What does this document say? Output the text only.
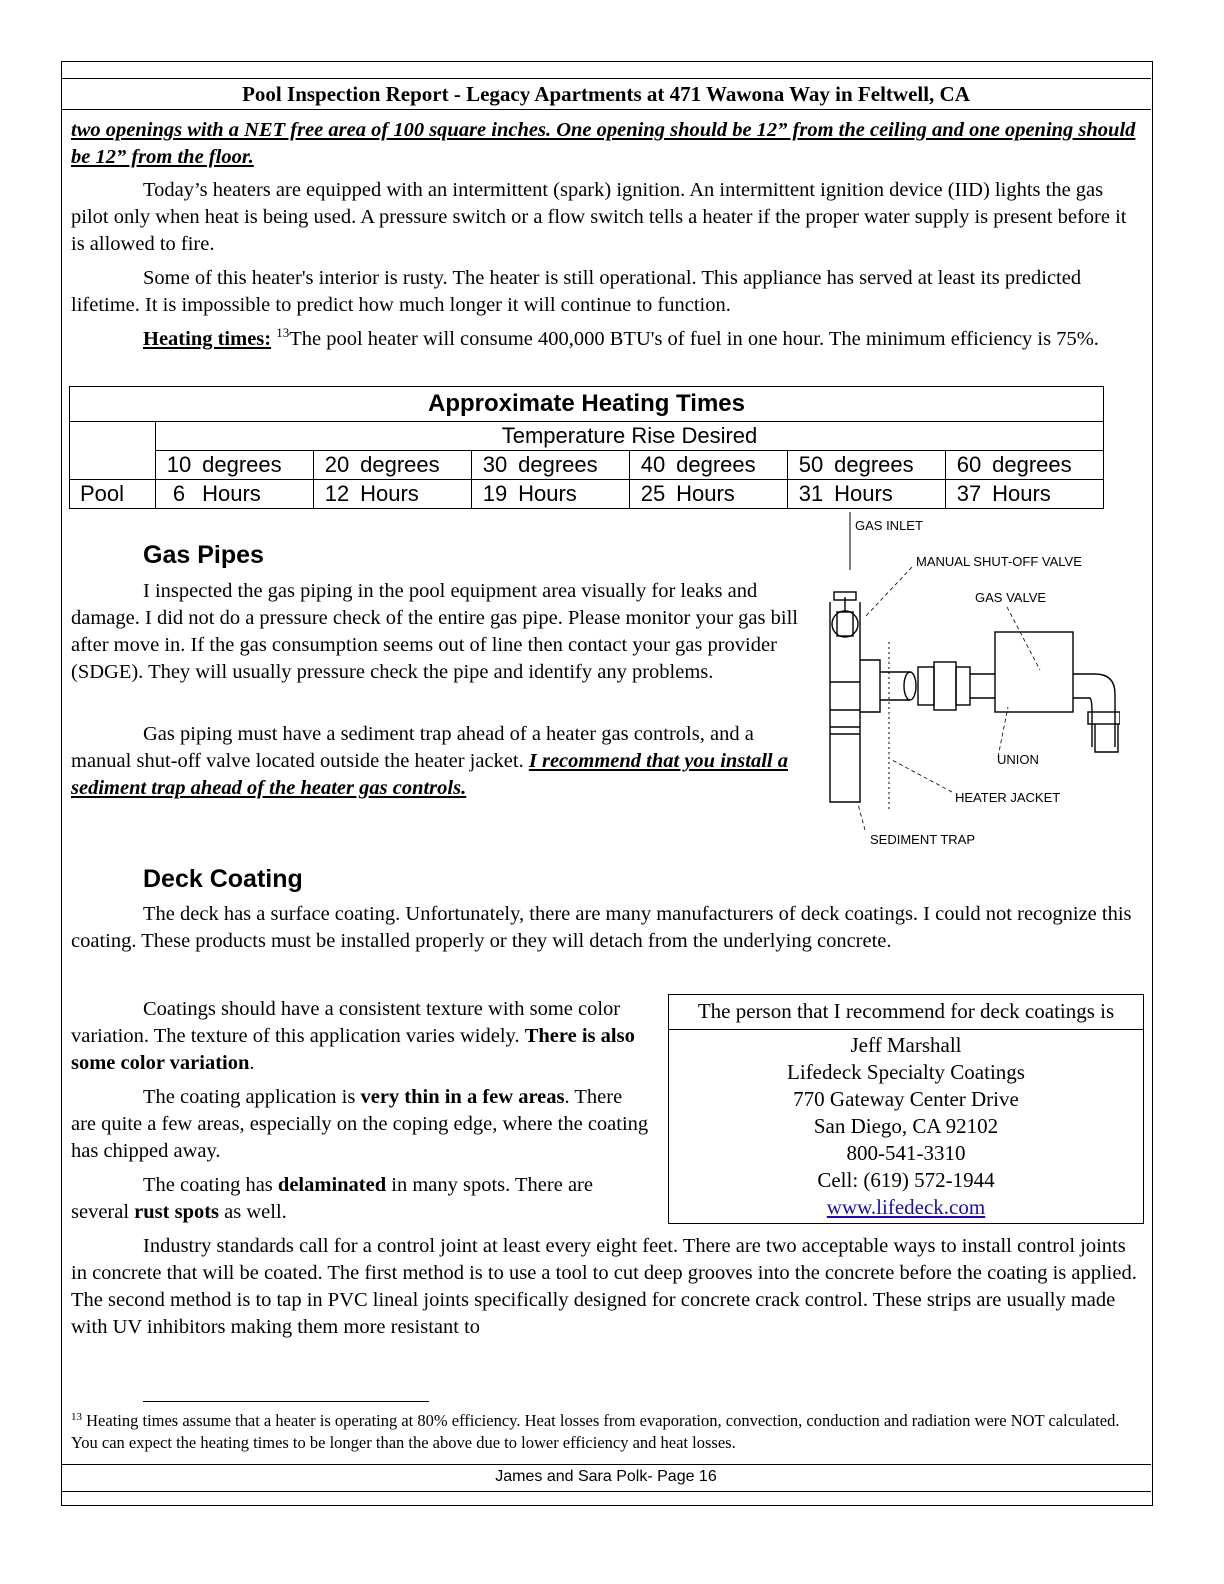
Pool Inspection Report - Legacy Apartments at 471 Wawona Way in Feltwell, CA

two openings with a NET free area of 100 square inches. One opening should be 12” from the ceiling and one opening should be 12” from the floor.

Today’s heaters are equipped with an intermittent (spark) ignition. An intermittent ignition device (IID) lights the gas pilot only when heat is being used. A pressure switch or a flow switch tells a heater if the proper water supply is present before it is allowed to fire.

Some of this heater's interior is rusty. The heater is still operational. This appliance has served at least its predicted lifetime. It is impossible to predict how much longer it will continue to function.

Heating times: $^{13}$The pool heater will consume 400,000 BTU's of fuel in one hour. The minimum efficiency is 75%.

Approximate Heating Times						
	Temperature Rise Desired					
	10 degrees	20 degrees	30 degrees	40 degrees	50 degrees	60 degrees
Pool	6 Hours	12 Hours	19 Hours	25 Hours	31 Hours	37 Hours
Gas Pipes

I inspected the gas piping in the pool equipment area visually for leaks and damage. I did not do a pressure check of the entire gas pipe. Please monitor your gas bill after move in. If the gas consumption seems out of line then contact your gas provider (SDGE). They will usually pressure check the pipe and identify any problems.

Gas piping must have a sediment trap ahead of a heater gas controls, and a manual shut-off valve located outside the heater jacket. I recommend that you install a sediment trap ahead of the heater gas controls.

GAS INLET
MANUAL SHUT-OFF VALVE
GAS VALVE
UNION
HEATER JACKET
SEDIMENT TRAP
Deck Coating

The deck has a surface coating. Unfortunately, there are many manufacturers of deck coatings. I could not recognize this coating. These products must be installed properly or they will detach from the underlying concrete.

Coatings should have a consistent texture with some color variation. The texture of this application varies widely. There is also some color variation.

The coating application is very thin in a few areas. There are quite a few areas, especially on the coping edge, where the coating has chipped away.

The coating has delaminated in many spots. There are several rust spots as well.

The person that I recommend for deck coatings is
Jeff Marshall
Lifedeck Specialty Coatings
770 Gateway Center Drive
San Diego, CA 92102
800-541-3310
Cell: (619) 572-1944
www.lifedeck.com

Industry standards call for a control joint at least every eight feet. There are two acceptable ways to install control joints in concrete that will be coated. The first method is to use a tool to cut deep grooves into the concrete before the coating is applied. The second method is to tap in PVC lineal joints specifically designed for concrete crack control. These strips are usually made with UV inhibitors making them more resistant to

$^{13}$ Heating times assume that a heater is operating at 80% efficiency. Heat losses from evaporation, convection, conduction and radiation were NOT calculated. You can expect the heating times to be longer than the above due to lower efficiency and heat losses.

James and Sara Polk- Page 16
